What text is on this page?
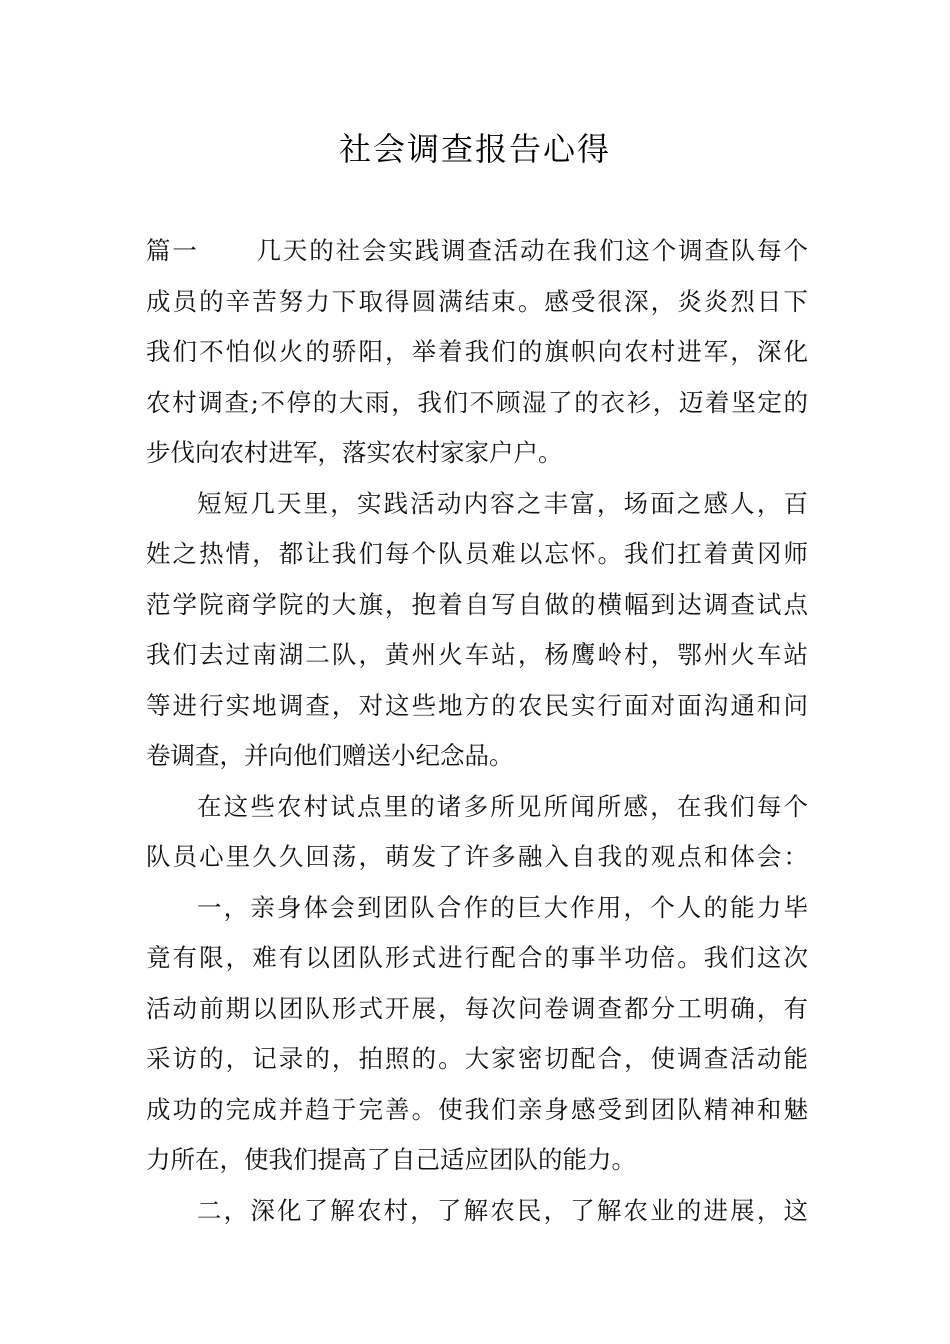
社会调查报告心得
篇一 几天的社会实践调查活动在我们这个调查队每个
成员的辛苦努力下取得圆满结束。感受很深，炎炎烈日下
我们不怕似火的骄阳，举着我们的旗帜向农村进军，深化
农村调查;不停的大雨，我们不顾湿了的衣衫，迈着坚定的
步伐向农村进军，落实农村家家户户。
短短几天里，实践活动内容之丰富，场面之感人，百
姓之热情，都让我们每个队员难以忘怀。我们扛着黄冈师
范学院商学院的大旗，抱着自写自做的横幅到达调查试点
我们去过南湖二队，黄州火车站，杨鹰岭村，鄂州火车站
等进行实地调查，对这些地方的农民实行面对面沟通和问
卷调查，并向他们赠送小纪念品。
在这些农村试点里的诸多所见所闻所感，在我们每个
队员心里久久回荡，萌发了许多融入自我的观点和体会：
一，亲身体会到团队合作的巨大作用，个人的能力毕
竟有限，难有以团队形式进行配合的事半功倍。我们这次
活动前期以团队形式开展，每次问卷调查都分工明确，有
采访的，记录的，拍照的。大家密切配合，使调查活动能
成功的完成并趋于完善。使我们亲身感受到团队精神和魅
力所在，使我们提高了自己适应团队的能力。
二，深化了解农村，了解农民，了解农业的进展，这
